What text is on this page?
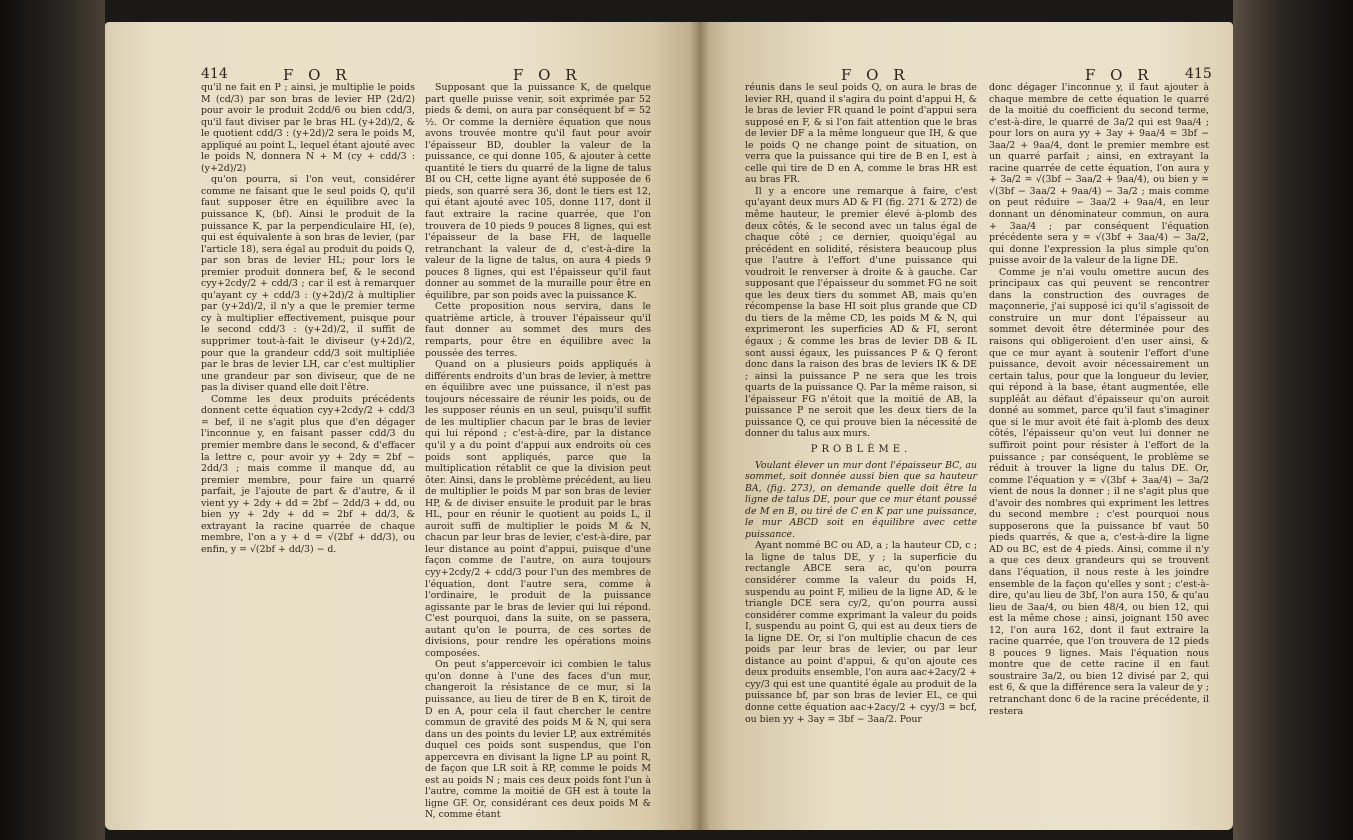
414	F O R	F O R

qu'il ne fait en P ; ainsi, je multiplie le poids M (cd/3) par son bras de levier HP (2d/2) pour avoir le produit 2cdd/6 ou bien cdd/3, qu'il faut diviser par le bras HL (y+2d)/2, & le quotient cdd/3 : (y+2d)/2 sera le poids M, appliqué au point L, lequel étant ajouté avec le poids N, donnera N + M (cy + cdd/3 : (y+2d)/2)

qu'on pourra, si l'on veut, considérer comme ne faisant que le seul poids Q, qu'il faut supposer être en équilibre avec la puissance K, (bf). Ainsi le produit de la puissance K, par la perpendiculaire HI, (e), qui est équivalente à son bras de levier, (par l'article 18), sera égal au produit du poids Q, par son bras de levier HL; pour lors le premier produit donnera bef, & le second cyy+2cdy/2 + cdd/3 ; car il est à remarquer qu'ayant cy + cdd/3 : (y+2d)/2 à multiplier par (y+2d)/2, il n'y a que le premier terme cy à multiplier effectivement, puisque pour le second cdd/3 : (y+2d)/2, il suffit de supprimer tout-à-fait le diviseur (y+2d)/2, pour que la grandeur cdd/3 soit multipliée par le bras de levier LH, car c'est multiplier une grandeur par son diviseur, que de ne pas la diviser quand elle doit l'être.

Comme les deux produits précédents donnent cette équation cyy+2cdy/2 + cdd/3 = bef, il ne s'agit plus que d'en dégager l'inconnue y, en faisant passer cdd/3 du premier membre dans le second, & d'effacer la lettre c, pour avoir yy + 2dy = 2bf − 2dd/3 ; mais comme il manque dd, au premier membre, pour faire un quarré parfait, je l'ajoute de part & d'autre, & il vient yy + 2dy + dd = 2bf − 2dd/3 + dd, ou bien yy + 2dy + dd = 2bf + dd/3, & extrayant la racine quarrée de chaque membre, l'on a y + d = √(2bf + dd/3), ou enfin, y = √(2bf + dd/3) − d.

Supposant que la puissance K, de quelque part quelle puisse venir, soit exprimée par 52 pieds & demi, on aura par conséquent bf = 52 ½. Or comme la dernière équation que nous avons trouvée montre qu'il faut pour avoir l'épaisseur BD, doubler la valeur de la puissance, ce qui donne 105, & ajouter à cette quantité le tiers du quarré de la ligne de talus BI ou CH, cette ligne ayant été supposée de 6 pieds, son quarré sera 36, dont le tiers est 12, qui étant ajouté avec 105, donne 117, dont il faut extraire la racine quarrée, que l'on trouvera de 10 pieds 9 pouces 8 lignes, qui est l'épaisseur de la base FH, de laquelle retranchant la valeur de d, c'est-à-dire la valeur de la ligne de talus, on aura 4 pieds 9 pouces 8 lignes, qui est l'épaisseur qu'il faut donner au sommet de la muraille pour être en équilibre, par son poids avec la puissance K.

Cette proposition nous servira, dans le quatrième article, à trouver l'épaisseur qu'il faut donner au sommet des murs des remparts, pour être en équilibre avec la poussée des terres.

Quand on a plusieurs poids appliqués à différents endroits d'un bras de levier, à mettre en équilibre avec une puissance, il n'est pas toujours nécessaire de réunir les poids, ou de les supposer réunis en un seul, puisqu'il suffit de les multiplier chacun par le bras de levier qui lui répond ; c'est-à-dire, par la distance qu'il y a du point d'appui aux endroits où ces poids sont appliqués, parce que la multiplication rétablit ce que la division peut ôter. Ainsi, dans le problème précédent, au lieu de multiplier le poids M par son bras de levier HP, & de diviser ensuite le produit par le bras HL, pour en réunir le quotient au poids L, il auroit suffi de multiplier le poids M & N, chacun par leur bras de levier, c'est-à-dire, par leur distance au point d'appui, puisque d'une façon comme de l'autre, on aura toujours cyy+2cdy/2 + cdd/3 pour l'un des membres de l'équation, dont l'autre sera, comme à l'ordinaire, le produit de la puissance agissante par le bras de levier qui lui répond. C'est pourquoi, dans la suite, on se passera, autant qu'on le pourra, de ces sortes de divisions, pour rendre les opérations moins composées.

On peut s'appercevoir ici combien le talus qu'on donne à l'une des faces d'un mur, changeroit la résistance de ce mur, si la puissance, au lieu de tirer de B en K, tiroit de D en A, pour cela il faut chercher le centre commun de gravité des poids M & N, qui sera dans un des points du levier LP, aux extrémités duquel ces poids sont suspendus, que l'on appercevra en divisant la ligne LP au point R, de façon que LR soit à RP, comme le poids M est au poids N ; mais ces deux poids font l'un à l'autre, comme la moitié de GH est à toute la ligne GF. Or, considérant ces deux poids M & N, comme étant

F O R	F O R 415

réunis dans le seul poids Q, on aura le bras de levier RH, quand il s'agira du point d'appui H, & le bras de levier FR quand le point d'appui sera supposé en F, & si l'on fait attention que le bras de levier DF a la même longueur que IH, & que le poids Q ne change point de situation, on verra que la puissance qui tire de B en I, est à celle qui tire de D en A, comme le bras HR est au bras FR.

Il y a encore une remarque à faire, c'est qu'ayant deux murs AD & FI (fig. 271 & 272) de même hauteur, le premier élevé à-plomb des deux côtés, & le second avec un talus égal de chaque côté ; ce dernier, quoiqu'égal au précédent en solidité, résistera beaucoup plus que l'autre à l'effort d'une puissance qui voudroit le renverser à droite & à gauche. Car supposant que l'épaisseur du sommet FG ne soit que les deux tiers du sommet AB, mais qu'en récompense la base HI soit plus grande que CD du tiers de la même CD, les poids M & N, qui exprimeront les superficies AD & FI, seront égaux ; & comme les bras de levier DB & IL sont aussi égaux, les puissances P & Q feront donc dans la raison des bras de leviers IK & DE ; ainsi la puissance P ne sera que les trois quarts de la puissance Q. Par la même raison, si l'épaisseur FG n'étoit que la moitié de AB, la puissance P ne seroit que les deux tiers de la puissance Q, ce qui prouve bien la nécessité de donner du talus aux murs.

PROBLÈME.

Voulant élever un mur dont l'épaisseur BC, au sommet, soit donnée aussi bien que sa hauteur BA, (fig. 273), on demande quelle doit être la ligne de talus DE, pour que ce mur étant poussé de M en B, ou tiré de C en K par une puissance, le mur ABCD soit en équilibre avec cette puissance.

Ayant nommé BC ou AD, a ; la hauteur CD, c ; la ligne de talus DE, y ; la superficie du rectangle ABCE sera ac, qu'on pourra considérer comme la valeur du poids H, suspendu au point F, milieu de la ligne AD, & le triangle DCE sera cy/2, qu'on pourra aussi considérer comme exprimant la valeur du poids I, suspendu au point G, qui est au deux tiers de la ligne DE. Or, si l'on multiplie chacun de ces poids par leur bras de levier, ou par leur distance au point d'appui, & qu'on ajoute ces deux produits ensemble, l'on aura aac+2acy/2 + cyy/3 qui est une quantité égale au produit de la puissance bf, par son bras de levier EL, ce qui donne cette équation aac+2acy/2 + cyy/3 = bcf, ou bien yy + 3ay = 3bf − 3aa/2. Pour

donc dégager l'inconnue y, il faut ajouter à chaque membre de cette équation le quarré de la moitié du coefficient du second terme, c'est-à-dire, le quarré de 3a/2 qui est 9aa/4 ; pour lors on aura yy + 3ay + 9aa/4 = 3bf − 3aa/2 + 9aa/4, dont le premier membre est un quarré parfait ; ainsi, en extrayant la racine quarrée de cette équation, l'on aura y + 3a/2 = √(3bf − 3aa/2 + 9aa/4), ou bien y = √(3bf − 3aa/2 + 9aa/4) − 3a/2 ; mais comme on peut réduire − 3aa/2 + 9aa/4, en leur donnant un dénominateur commun, on aura + 3aa/4 ; par conséquent l'équation précédente sera y = √(3bf + 3aa/4) − 3a/2, qui donne l'expression la plus simple qu'on puisse avoir de la valeur de la ligne DE.

Comme je n'ai voulu omettre aucun des principaux cas qui peuvent se rencontrer dans la construction des ouvrages de maçonnerie, j'ai supposé ici qu'il s'agissoit de construire un mur dont l'épaisseur au sommet devoit être déterminée pour des raisons qui obligeroient d'en user ainsi, & que ce mur ayant à soutenir l'effort d'une puissance, devoit avoir nécessairement un certain talus, pour que la longueur du levier, qui répond à la base, étant augmentée, elle suppléât au défaut d'épaisseur qu'on auroit donné au sommet, parce qu'il faut s'imaginer que si le mur avoit été fait à-plomb des deux côtés, l'épaisseur qu'on veut lui donner ne suffiroit point pour résister à l'effort de la puissance ; par conséquent, le problème se réduit à trouver la ligne du talus DE. Or, comme l'équation y = √(3bf + 3aa/4) − 3a/2 vient de nous la donner ; il ne s'agit plus que d'avoir des nombres qui expriment les lettres du second membre ; c'est pourquoi nous supposerons que la puissance bf vaut 50 pieds quarrés, & que a, c'est-à-dire la ligne AD ou BC, est de 4 pieds. Ainsi, comme il n'y a que ces deux grandeurs qui se trouvent dans l'équation, il nous reste à les joindre ensemble de la façon qu'elles y sont ; c'est-à-dire, qu'au lieu de 3bf, l'on aura 150, & qu'au lieu de 3aa/4, ou bien 48/4, ou bien 12, qui est la même chose ; ainsi, joignant 150 avec 12, l'on aura 162, dont il faut extraire la racine quarrée, que l'on trouvera de 12 pieds 8 pouces 9 lignes. Mais l'équation nous montre que de cette racine il en faut soustraire 3a/2, ou bien 12 divisé par 2, qui est 6, & que la différence sera la valeur de y ; retranchant donc 6 de la racine précédente, il restera
